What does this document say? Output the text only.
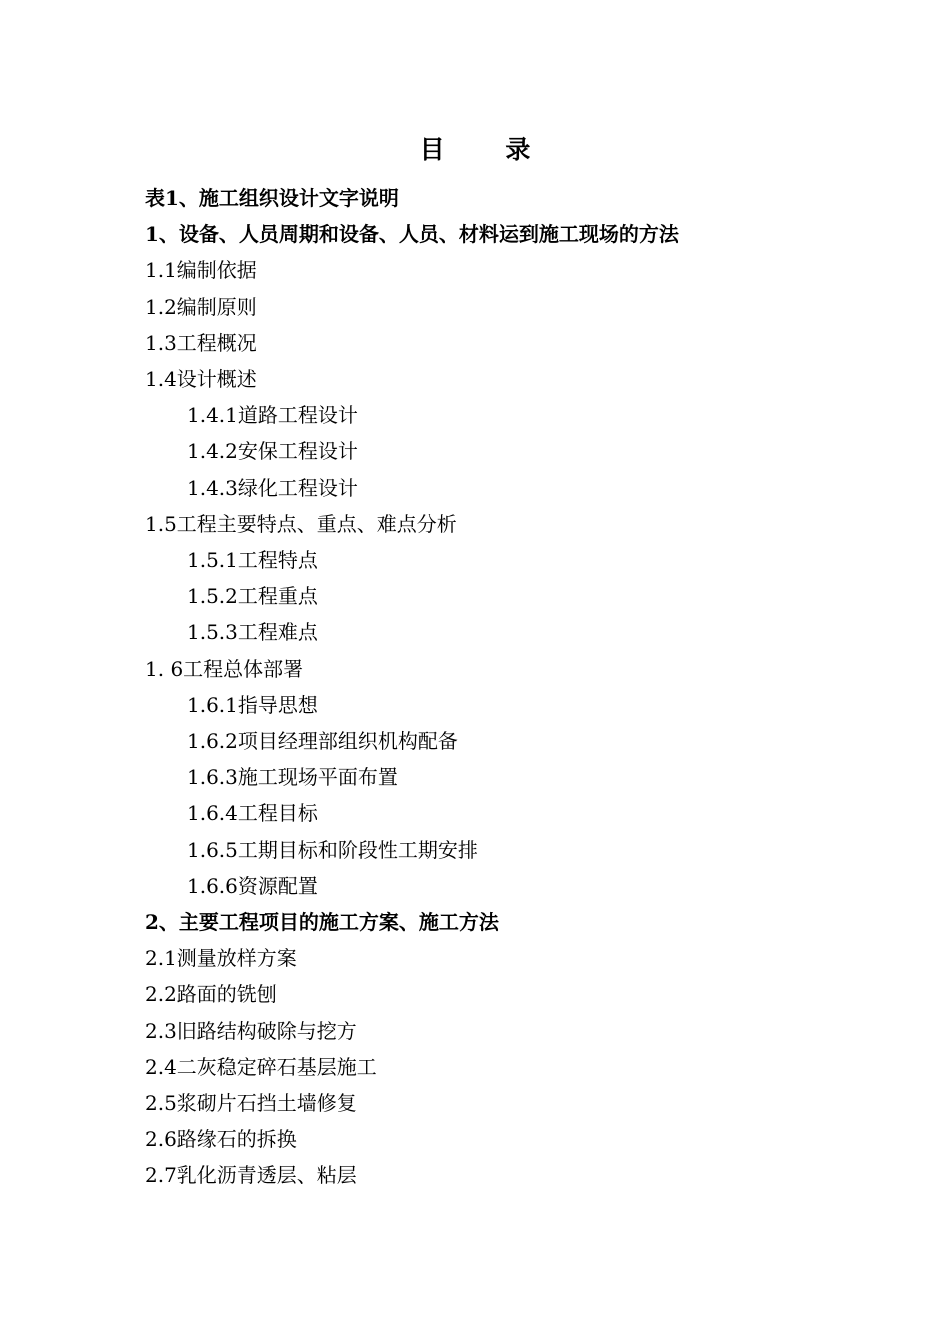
目 录
表1、施工组织设计文字说明
1、设备、人员周期和设备、人员、材料运到施工现场的方法
1.1编制依据
1.2编制原则
1.3工程概况
1.4设计概述
1.4.1道路工程设计
1.4.2安保工程设计
1.4.3绿化工程设计
1.5工程主要特点、重点、难点分析
1.5.1工程特点
1.5.2工程重点
1.5.3工程难点
1. 6工程总体部署
1.6.1指导思想
1.6.2项目经理部组织机构配备
1.6.3施工现场平面布置
1.6.4工程目标
1.6.5工期目标和阶段性工期安排
1.6.6资源配置
2、主要工程项目的施工方案、施工方法
2.1测量放样方案
2.2路面的铣刨
2.3旧路结构破除与挖方
2.4二灰稳定碎石基层施工
2.5浆砌片石挡土墙修复
2.6路缘石的拆换
2.7乳化沥青透层、粘层
